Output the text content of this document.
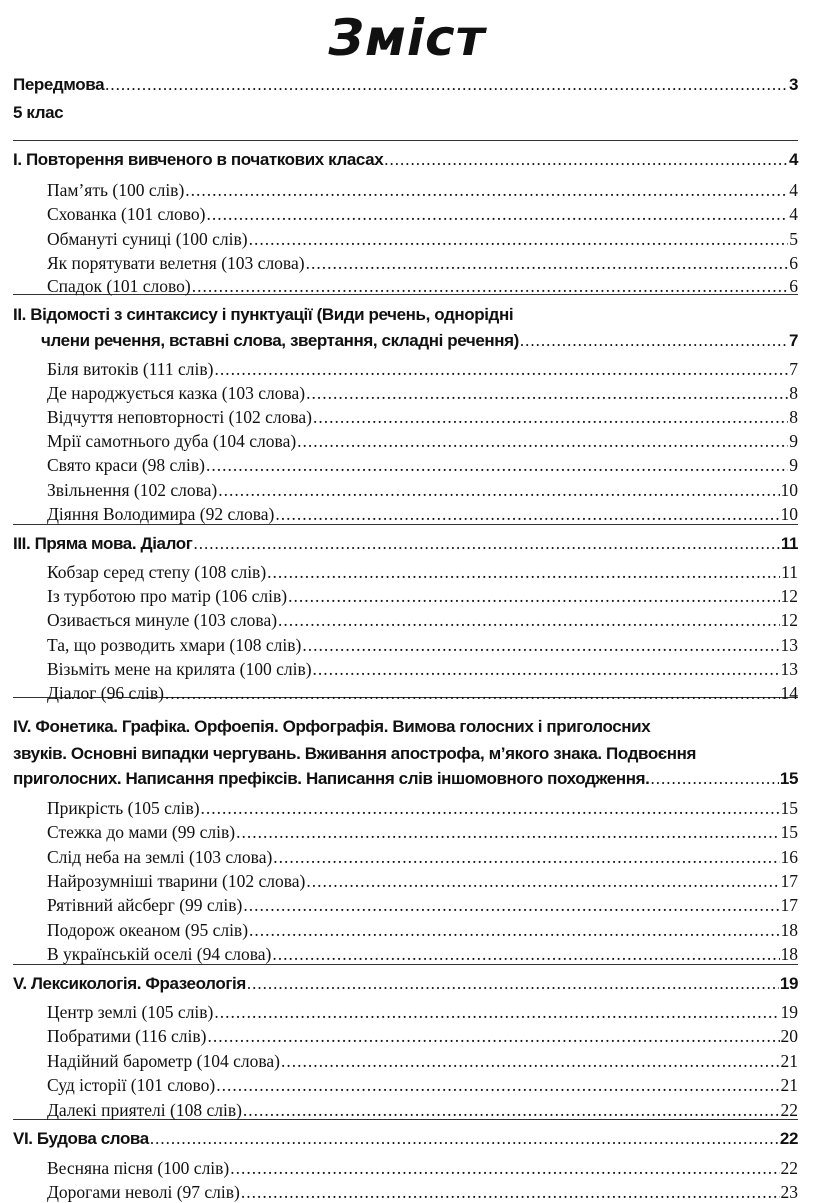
Зміст
Передмова .....	3
5 клас
I. Повторення вивченого в початкових класах .....	4
Пам’ять (100 слів) .....	4
Схованка (101 слово) .....	4
Обмануті суниці (100 слів) .....	5
Як порятувати велетня (103 слова) .....	6
Спадок (101 слово) .....	6
II. Відомості з синтаксису і пунктуації (Види речень, однорідні
члени речення, вставні слова, звертання, складні речення) .....	7
Біля витоків (111 слів) .....	7
Де народжується казка (103 слова) .....	8
Відчуття неповторності (102 слова) .....	8
Мрії самотнього дуба (104 слова) .....	9
Свято краси (98 слів) .....	9
Звільнення (102 слова) .....	10
Діяння Володимира (92 слова) .....	10
III. Пряма мова. Діалог .....	11
Кобзар серед степу (108 слів) .....	11
Із турботою про матір (106 слів) .....	12
Озивається минуле (103 слова) .....	12
Та, що розводить хмари (108 слів) .....	13
Візьміть мене на крилята (100 слів) .....	13
Діалог (96 слів) .....	14
IV. Фонетика. Графіка. Орфоепія. Орфографія. Вимова голосних і приголосних
звуків. Основні випадки чергувань. Вживання апострофа, м’якого знака. Подвоєння
приголосних. Написання префіксів. Написання слів іншомовного походження. .....	15
Прикрість (105 слів) .....	15
Стежка до мами (99 слів) .....	15
Слід неба на землі (103 слова) .....	16
Найрозумніші тварини (102 слова) .....	17
Рятівний айсберг (99 слів) .....	17
Подорож океаном (95 слів) .....	18
В українській оселі (94 слова) .....	18
V. Лексикологія. Фразеологія .....	19
Центр землі (105 слів) .....	19
Побратими (116 слів) .....	20
Надійний барометр (104 слова) .....	21
Суд історії (101 слово) .....	21
Далекі приятелі (108 слів) .....	22
VI. Будова слова .....	22
Весняна пісня (100 слів) .....	22
Дорогами неволі (97 слів) .....	23
